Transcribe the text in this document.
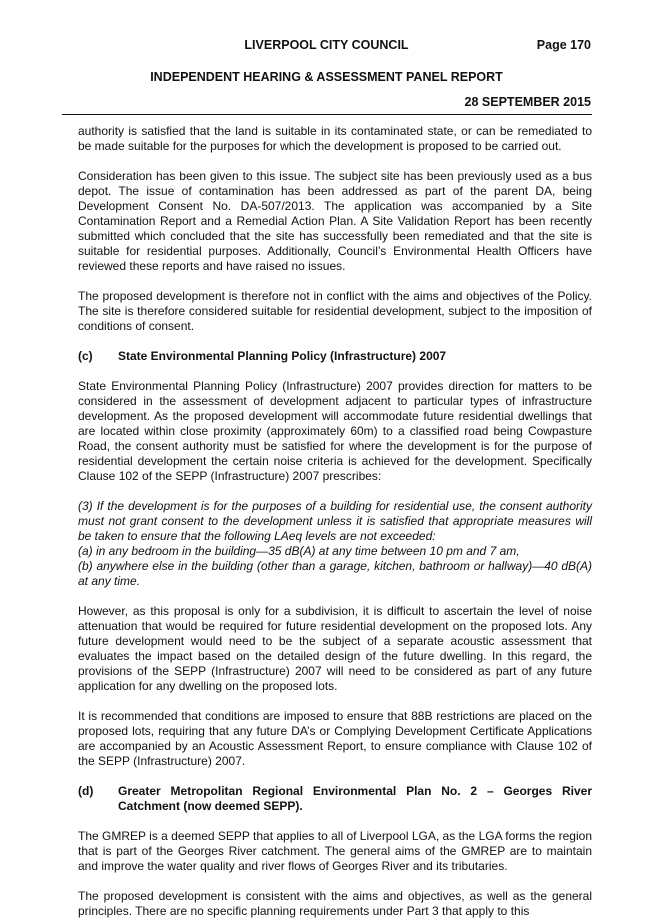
LIVERPOOL CITY COUNCIL	Page 170
INDEPENDENT HEARING & ASSESSMENT PANEL REPORT
28 SEPTEMBER 2015

authority is satisfied that the land is suitable in its contaminated state, or can be remediated to be made suitable for the purposes for which the development is proposed to be carried out.

Consideration has been given to this issue. The subject site has been previously used as a bus depot. The issue of contamination has been addressed as part of the parent DA, being Development Consent No. DA-507/2013. The application was accompanied by a Site Contamination Report and a Remedial Action Plan. A Site Validation Report has been recently submitted which concluded that the site has successfully been remediated and that the site is suitable for residential purposes. Additionally, Council’s Environmental Health Officers have reviewed these reports and have raised no issues.

The proposed development is therefore not in conflict with the aims and objectives of the Policy. The site is therefore considered suitable for residential development, subject to the imposition of conditions of consent.

(c)	State Environmental Planning Policy (Infrastructure) 2007

State Environmental Planning Policy (Infrastructure) 2007 provides direction for matters to be considered in the assessment of development adjacent to particular types of infrastructure development. As the proposed development will accommodate future residential dwellings that are located within close proximity (approximately 60m) to a classified road being Cowpasture Road, the consent authority must be satisfied for where the development is for the purpose of residential development the certain noise criteria is achieved for the development. Specifically Clause 102 of the SEPP (Infrastructure) 2007 prescribes:

(3) If the development is for the purposes of a building for residential use, the consent authority must not grant consent to the development unless it is satisfied that appropriate measures will be taken to ensure that the following LAeq levels are not exceeded:

(a) in any bedroom in the building—35 dB(A) at any time between 10 pm and 7 am,

(b) anywhere else in the building (other than a garage, kitchen, bathroom or hallway)—40 dB(A) at any time.

However, as this proposal is only for a subdivision, it is difficult to ascertain the level of noise attenuation that would be required for future residential development on the proposed lots. Any future development would need to be the subject of a separate acoustic assessment that evaluates the impact based on the detailed design of the future dwelling. In this regard, the provisions of the SEPP (Infrastructure) 2007 will need to be considered as part of any future application for any dwelling on the proposed lots.

It is recommended that conditions are imposed to ensure that 88B restrictions are placed on the proposed lots, requiring that any future DA’s or Complying Development Certificate Applications are accompanied by an Acoustic Assessment Report, to ensure compliance with Clause 102 of the SEPP (Infrastructure) 2007.

(d)	Greater Metropolitan Regional Environmental Plan No. 2 – Georges River Catchment (now deemed SEPP).

The GMREP is a deemed SEPP that applies to all of Liverpool LGA, as the LGA forms the region that is part of the Georges River catchment. The general aims of the GMREP are to maintain and improve the water quality and river flows of Georges River and its tributaries.

The proposed development is consistent with the aims and objectives, as well as the general principles. There are no specific planning requirements under Part 3 that apply to this
